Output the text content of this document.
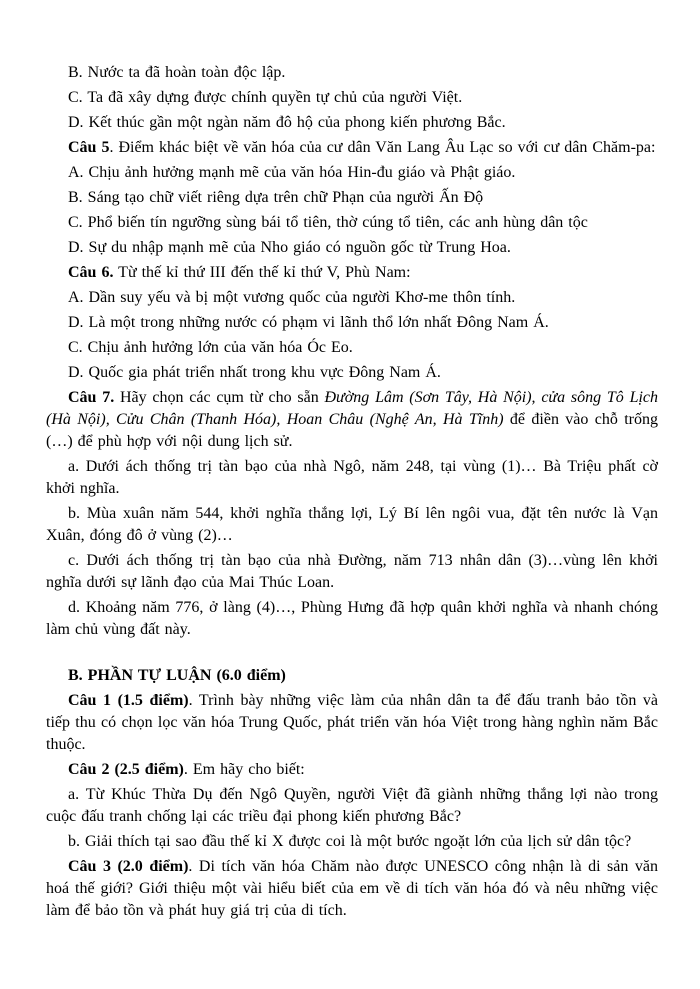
B. Nước ta đã hoàn toàn độc lập.

C. Ta đã xây dựng được chính quyền tự chủ của người Việt.

D. Kết thúc gần một ngàn năm đô hộ của phong kiến phương Bắc.

Câu 5. Điểm khác biệt về văn hóa của cư dân Văn Lang Âu Lạc so với cư dân Chăm-pa:

A. Chịu ảnh hưởng mạnh mẽ của văn hóa Hin-đu giáo và Phật giáo.

B. Sáng tạo chữ viết riêng dựa trên chữ Phạn của người Ấn Độ

C. Phổ biến tín ngưỡng sùng bái tổ tiên, thờ cúng tổ tiên, các anh hùng dân tộc

D. Sự du nhập mạnh mẽ của Nho giáo có nguồn gốc từ Trung Hoa.

Câu 6. Từ thế kỉ thứ III đến thế kỉ thứ V, Phù Nam:

A. Dần suy yếu và bị một vương quốc của người Khơ-me thôn tính.

D. Là một trong những nước có phạm vi lãnh thổ lớn nhất Đông Nam Á.

C. Chịu ảnh hưởng lớn của văn hóa Óc Eo.

D. Quốc gia phát triển nhất trong khu vực Đông Nam Á.

Câu 7. Hãy chọn các cụm từ cho sẵn Đường Lâm (Sơn Tây, Hà Nội), cửa sông Tô Lịch (Hà Nội), Cửu Chân (Thanh Hóa), Hoan Châu (Nghệ An, Hà Tĩnh) để điền vào chỗ trống (…) để phù hợp với nội dung lịch sử.

a. Dưới ách thống trị tàn bạo của nhà Ngô, năm 248, tại vùng (1)… Bà Triệu phất cờ khởi nghĩa.

b. Mùa xuân năm 544, khởi nghĩa thắng lợi, Lý Bí lên ngôi vua, đặt tên nước là Vạn Xuân, đóng đô ở vùng (2)…

c. Dưới ách thống trị tàn bạo của nhà Đường, năm 713 nhân dân (3)…vùng lên khởi nghĩa dưới sự lãnh đạo của Mai Thúc Loan.

d. Khoảng năm 776, ở làng (4)…, Phùng Hưng đã hợp quân khởi nghĩa và nhanh chóng làm chủ vùng đất này.

B. PHẦN TỰ LUẬN (6.0 điểm)

Câu 1 (1.5 điểm). Trình bày những việc làm của nhân dân ta để đấu tranh bảo tồn và tiếp thu có chọn lọc văn hóa Trung Quốc, phát triển văn hóa Việt trong hàng nghìn năm Bắc thuộc.

Câu 2 (2.5 điểm). Em hãy cho biết:

a. Từ Khúc Thừa Dụ đến Ngô Quyền, người Việt đã giành những thắng lợi nào trong cuộc đấu tranh chống lại các triều đại phong kiến phương Bắc?

b. Giải thích tại sao đầu thế kỉ X được coi là một bước ngoặt lớn của lịch sử dân tộc?

Câu 3 (2.0 điểm). Di tích văn hóa Chăm nào được UNESCO công nhận là di sản văn hoá thế giới? Giới thiệu một vài hiểu biết của em về di tích văn hóa đó và nêu những việc làm để bảo tồn và phát huy giá trị của di tích.
